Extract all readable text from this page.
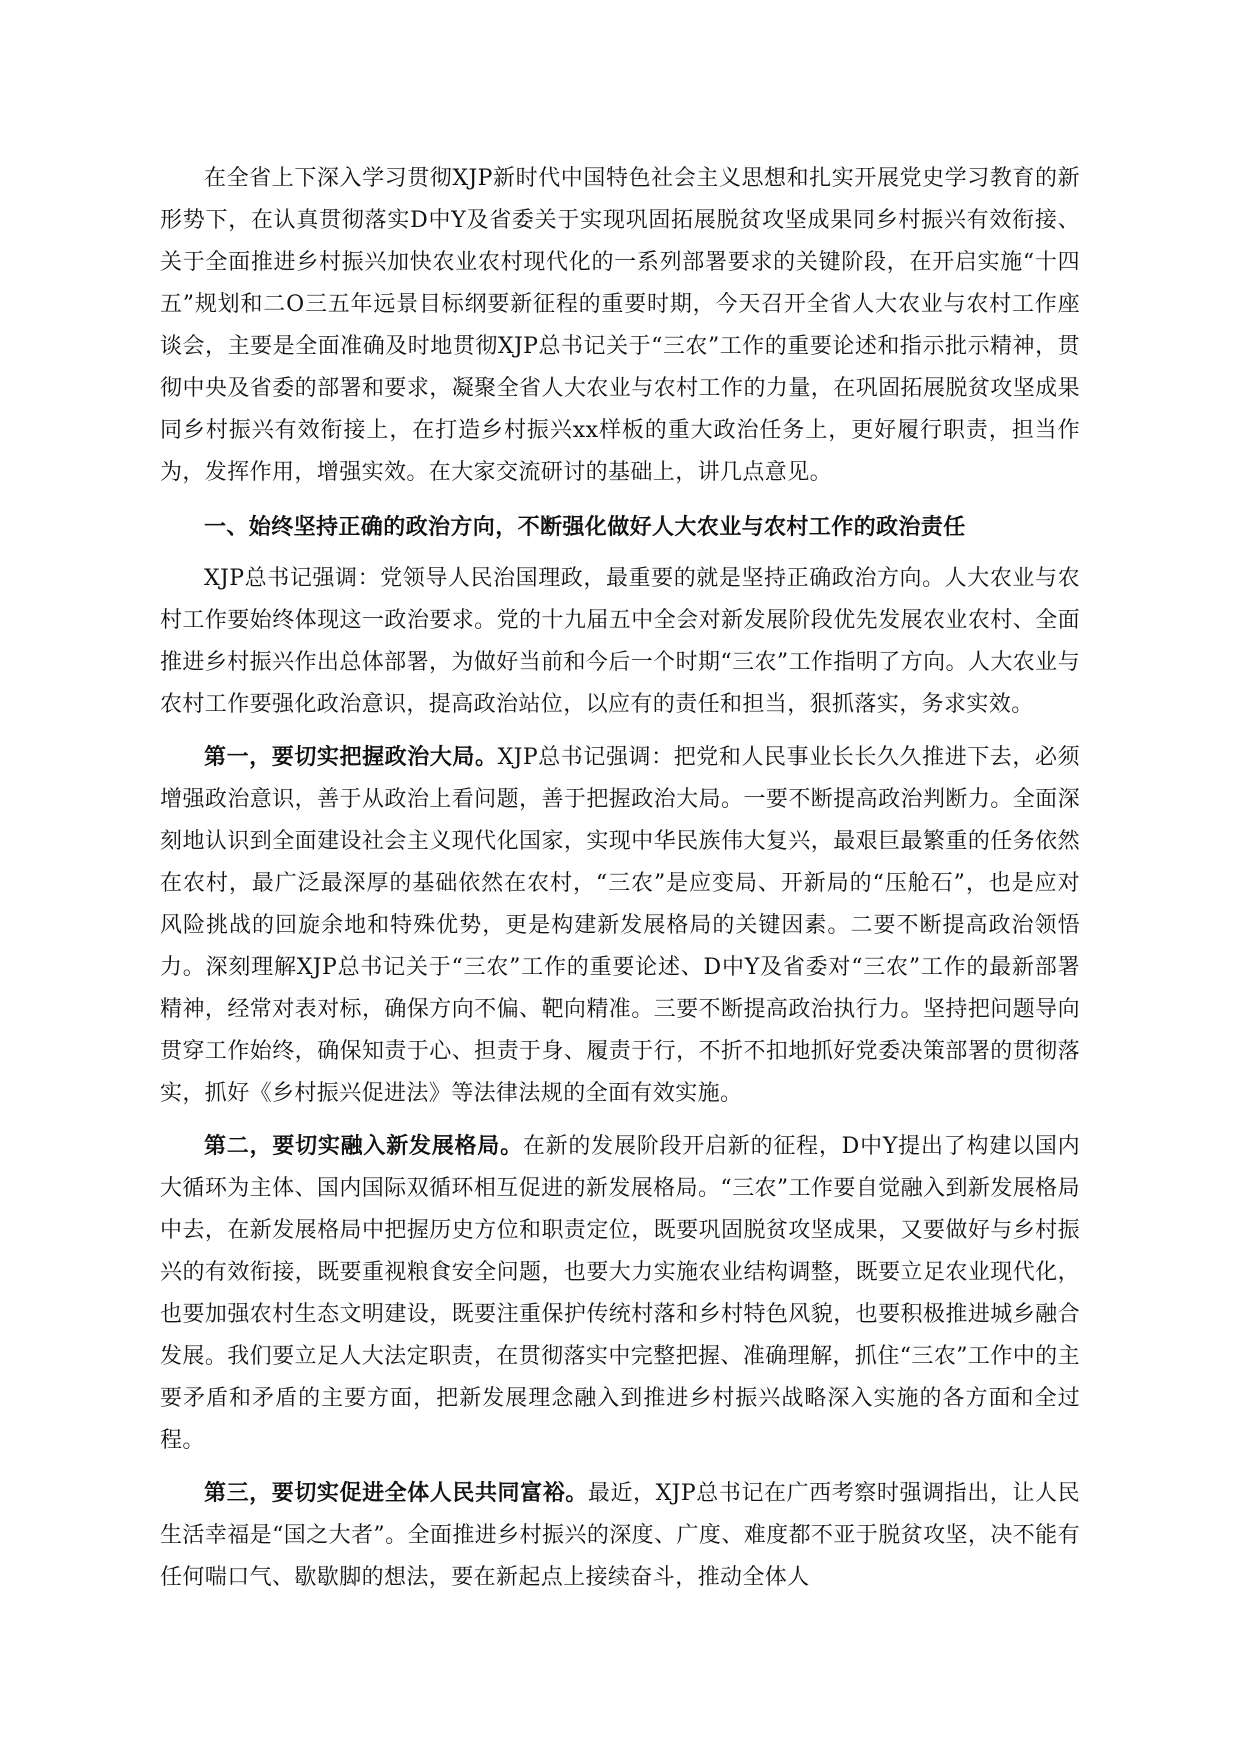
在全省上下深入学习贯彻XJP新时代中国特色社会主义思想和扎实开展党史学习教育的新形势下，在认真贯彻落实D中Y及省委关于实现巩固拓展脱贫攻坚成果同乡村振兴有效衔接、关于全面推进乡村振兴加快农业农村现代化的一系列部署要求的关键阶段，在开启实施“十四五”规划和二O三五年远景目标纲要新征程的重要时期，今天召开全省人大农业与农村工作座谈会，主要是全面准确及时地贯彻XJP总书记关于“三农”工作的重要论述和指示批示精神，贯彻中央及省委的部署和要求，凝聚全省人大农业与农村工作的力量，在巩固拓展脱贫攻坚成果同乡村振兴有效衔接上，在打造乡村振兴xx样板的重大政治任务上，更好履行职责，担当作为，发挥作用，增强实效。在大家交流研讨的基础上，讲几点意见。

一、始终坚持正确的政治方向，不断强化做好人大农业与农村工作的政治责任

XJP总书记强调：党领导人民治国理政，最重要的就是坚持正确政治方向。人大农业与农村工作要始终体现这一政治要求。党的十九届五中全会对新发展阶段优先发展农业农村、全面推进乡村振兴作出总体部署，为做好当前和今后一个时期“三农”工作指明了方向。人大农业与农村工作要强化政治意识，提高政治站位，以应有的责任和担当，狠抓落实，务求实效。

第一，要切实把握政治大局。XJP总书记强调：把党和人民事业长长久久推进下去，必须增强政治意识，善于从政治上看问题，善于把握政治大局。一要不断提高政治判断力。全面深刻地认识到全面建设社会主义现代化国家，实现中华民族伟大复兴，最艰巨最繁重的任务依然在农村，最广泛最深厚的基础依然在农村，“三农”是应变局、开新局的“压舱石”，也是应对风险挑战的回旋余地和特殊优势，更是构建新发展格局的关键因素。二要不断提高政治领悟力。深刻理解XJP总书记关于“三农”工作的重要论述、D中Y及省委对“三农”工作的最新部署精神，经常对表对标，确保方向不偏、靶向精准。三要不断提高政治执行力。坚持把问题导向贯穿工作始终，确保知责于心、担责于身、履责于行，不折不扣地抓好党委决策部署的贯彻落实，抓好《乡村振兴促进法》等法律法规的全面有效实施。

第二，要切实融入新发展格局。在新的发展阶段开启新的征程，D中Y提出了构建以国内大循环为主体、国内国际双循环相互促进的新发展格局。“三农”工作要自觉融入到新发展格局中去，在新发展格局中把握历史方位和职责定位，既要巩固脱贫攻坚成果，又要做好与乡村振兴的有效衔接，既要重视粮食安全问题，也要大力实施农业结构调整，既要立足农业现代化，也要加强农村生态文明建设，既要注重保护传统村落和乡村特色风貌，也要积极推进城乡融合发展。我们要立足人大法定职责，在贯彻落实中完整把握、准确理解，抓住“三农”工作中的主要矛盾和矛盾的主要方面，把新发展理念融入到推进乡村振兴战略深入实施的各方面和全过程。

第三，要切实促进全体人民共同富裕。最近，XJP总书记在广西考察时强调指出，让人民生活幸福是“国之大者”。全面推进乡村振兴的深度、广度、难度都不亚于脱贫攻坚，决不能有任何喘口气、歇歇脚的想法，要在新起点上接续奋斗，推动全体人
